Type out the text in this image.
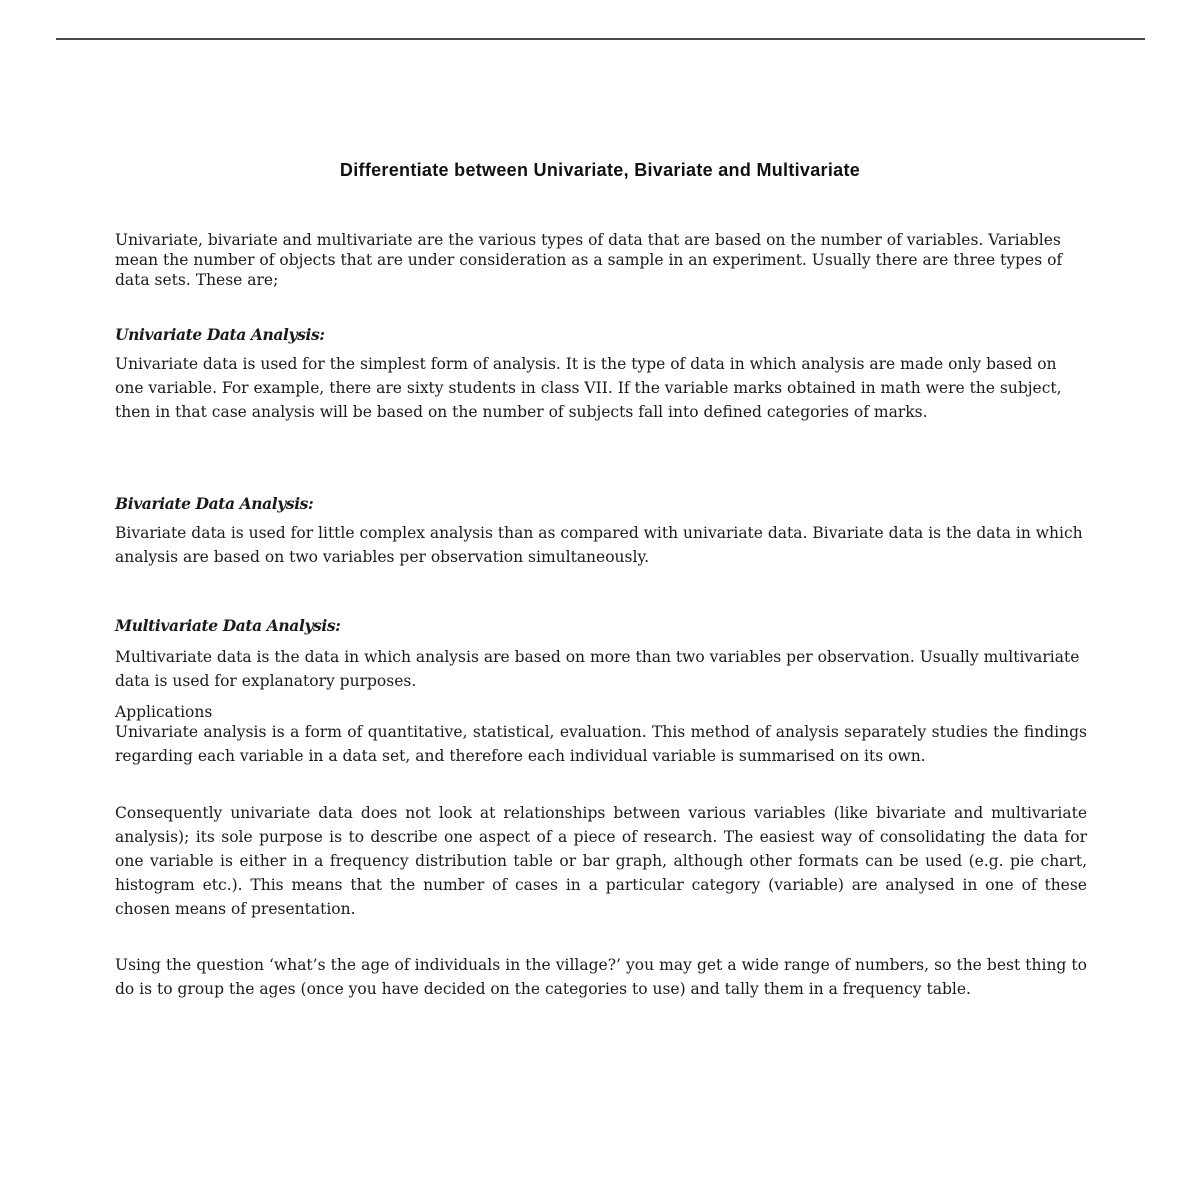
Differentiate between Univariate, Bivariate and Multivariate
Univariate, bivariate and multivariate are the various types of data that are based on the number of variables. Variables mean the number of objects that are under consideration as a sample in an experiment. Usually there are three types of data sets. These are;
Univariate Data Analysis:
Univariate data is used for the simplest form of analysis. It is the type of data in which analysis are made only based on one variable. For example, there are sixty students in class VII. If the variable marks obtained in math were the subject, then in that case analysis will be based on the number of subjects fall into defined categories of marks.
Bivariate Data Analysis:
Bivariate data is used for little complex analysis than as compared with univariate data. Bivariate data is the data in which analysis are based on two variables per observation simultaneously.
Multivariate Data Analysis:
Multivariate data is the data in which analysis are based on more than two variables per observation. Usually multivariate data is used for explanatory purposes.
Applications
Univariate analysis is a form of quantitative, statistical, evaluation. This method of analysis separately studies the findings regarding each variable in a data set, and therefore each individual variable is summarised on its own.
Consequently univariate data does not look at relationships between various variables (like bivariate and multivariate analysis); its sole purpose is to describe one aspect of a piece of research. The easiest way of consolidating the data for one variable is either in a frequency distribution table or bar graph, although other formats can be used (e.g. pie chart, histogram etc.). This means that the number of cases in a particular category (variable) are analysed in one of these chosen means of presentation.
Using the question ‘what’s the age of individuals in the village?’ you may get a wide range of numbers, so the best thing to do is to group the ages (once you have decided on the categories to use) and tally them in a frequency table.
